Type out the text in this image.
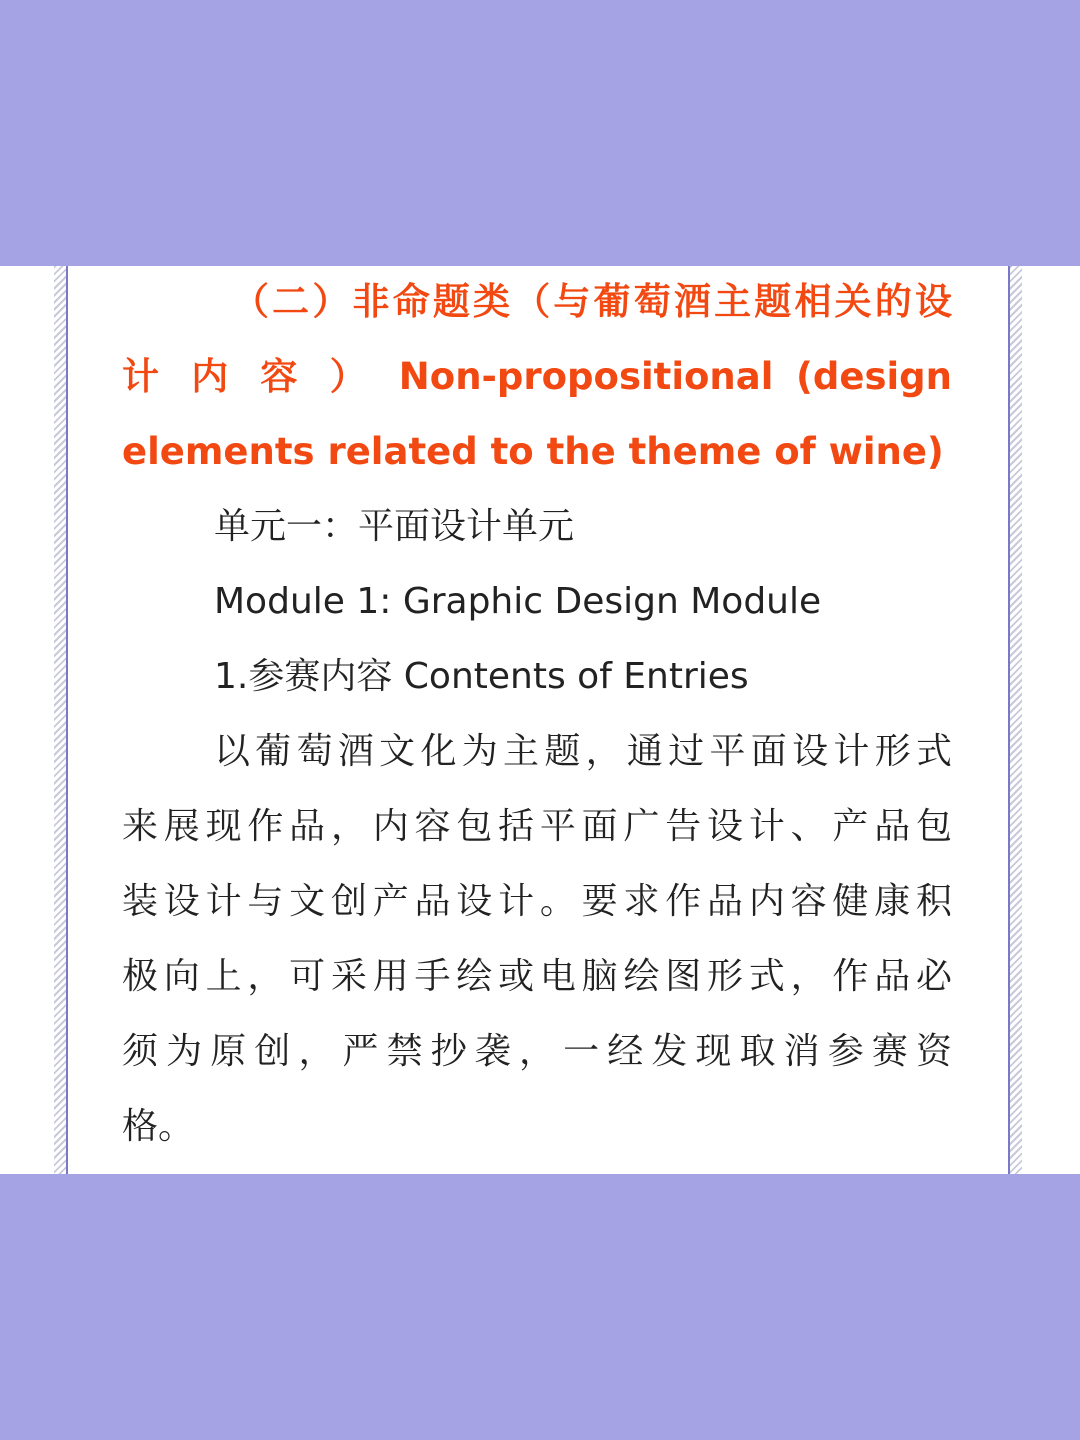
（二）非命题类（与葡萄酒主题相关的设
计 内 容 ） Non-propositional (design
elements related to the theme of wine)
单元一：平面设计单元
Module 1: Graphic Design Module
1.参赛内容 Contents of Entries
以葡萄酒文化为主题，通过平面设计形式
来展现作品，内容包括平面广告设计、产品包
装设计与文创产品设计。要求作品内容健康积
极向上，可采用手绘或电脑绘图形式，作品必
须为原创，严禁抄袭，一经发现取消参赛资
格。
